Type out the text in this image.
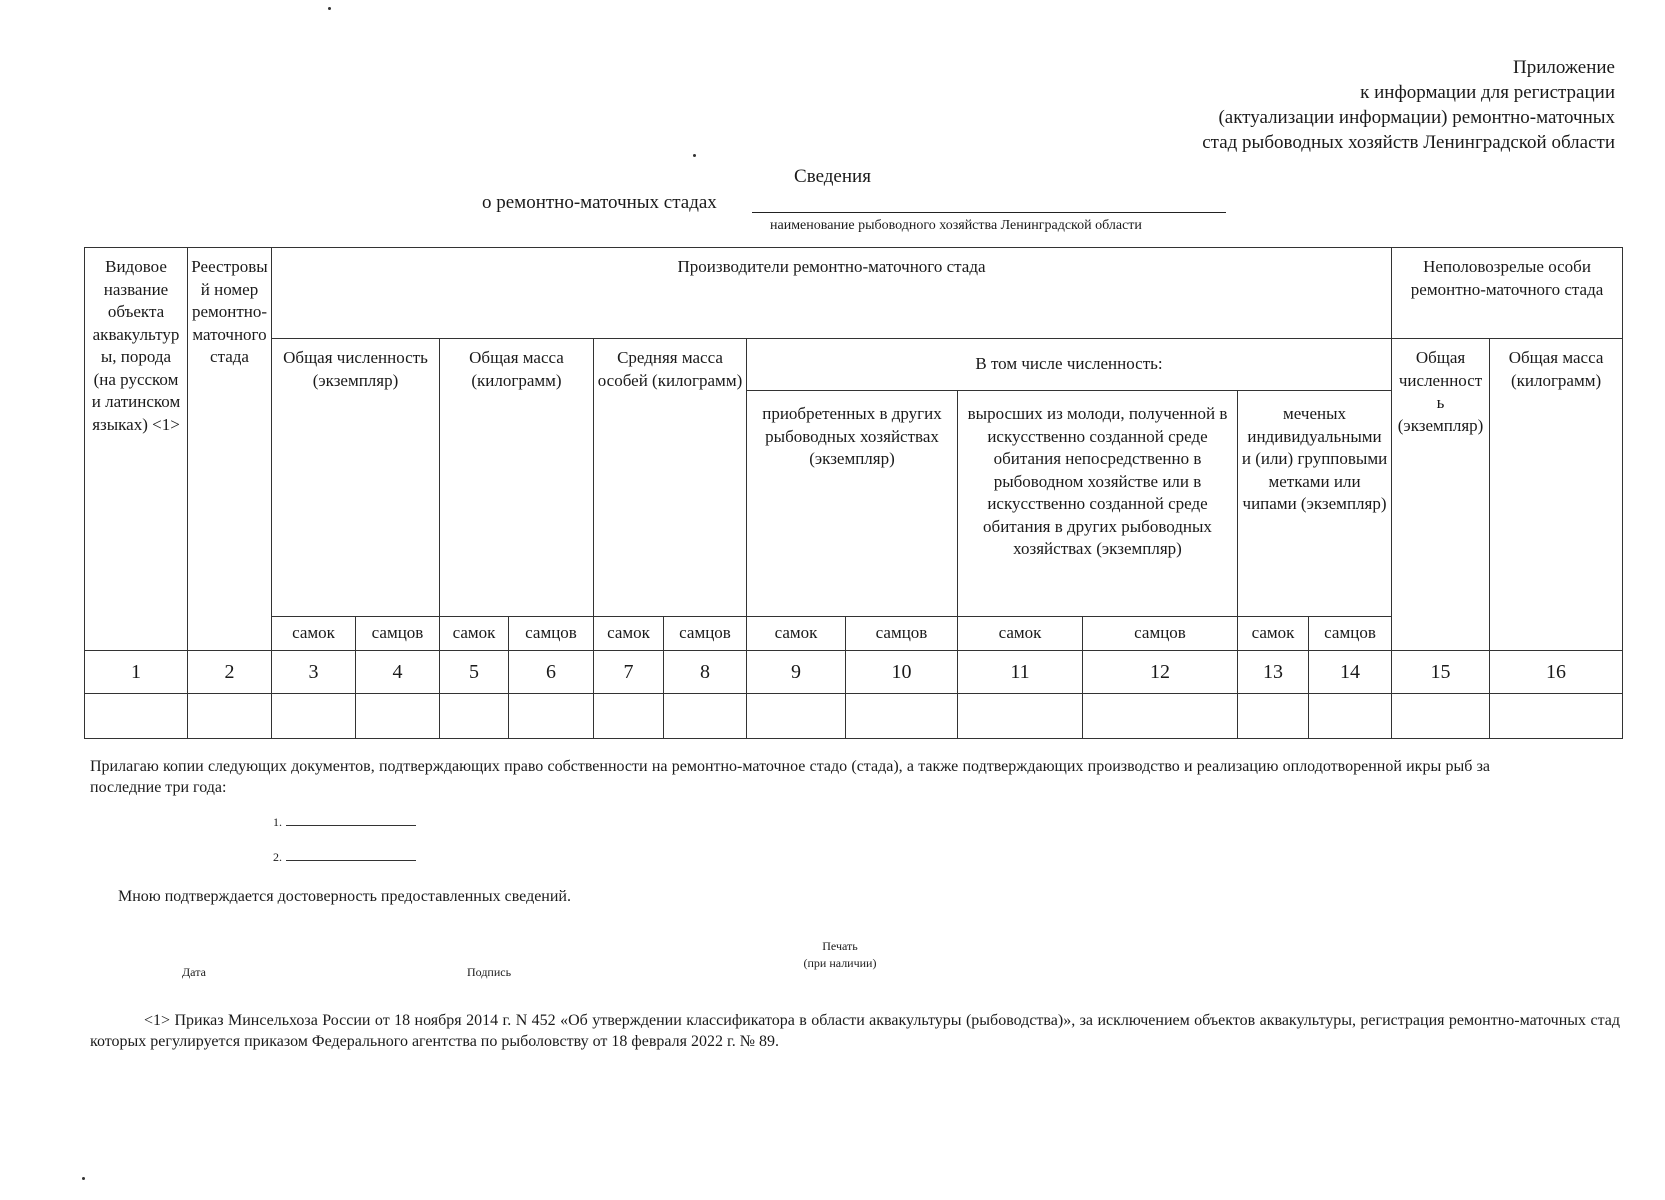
Приложение
к информации для регистрации
(актуализации информации) ремонтно-маточных
стад рыбоводных хозяйств Ленинградской области
Сведения
о ремонтно-маточных стадах
наименование рыбоводного хозяйства Ленинградской области
Видовое название объекта аквакультуры, порода (на русском и латинском языках) <1>	Реестровый номер ремонтно-маточного стада	Производители ремонтно-маточного стада												Неполовозрелые особи ремонтно-маточного стада	
		Общая численность (экземпляр)		Общая масса (килограмм)		Средняя масса особей (килограмм)		В том числе численность:						Общая численность (экземпляр)	Общая масса (килограмм)
								приобретенных в других рыбоводных хозяйствах (экземпляр)		выросших из молоди, полученной в искусственно созданной среде обитания непосредственно в рыбоводном хозяйстве или в искусственно созданной среде обитания в других рыбоводных хозяйствах (экземпляр)		меченых индивидуальными и (или) групповыми метками или чипами (экземпляр)			
		самок	самцов	самок	самцов	самок	самцов	самок	самцов	самок	самцов	самок	самцов		
1	2	3	4	5	6	7	8	9	10	11	12	13	14	15	16

Прилагаю копии следующих документов, подтверждающих право собственности на ремонтно-маточное стадо (стада), а также подтверждающих производство и реализацию оплодотворенной икры рыб за последние три года:
1.
2.
Мною подтверждается достоверность предоставленных сведений.
Печать
(при наличии)
Дата	Подпись
<1> Приказ Минсельхоза России от 18 ноября 2014 г. N 452 «Об утверждении классификатора в области аквакультуры (рыбоводства)», за исключением объектов аквакультуры, регистрация ремонтно-маточных стад которых регулируется приказом Федерального агентства по рыболовству от 18 февраля 2022 г. № 89.
